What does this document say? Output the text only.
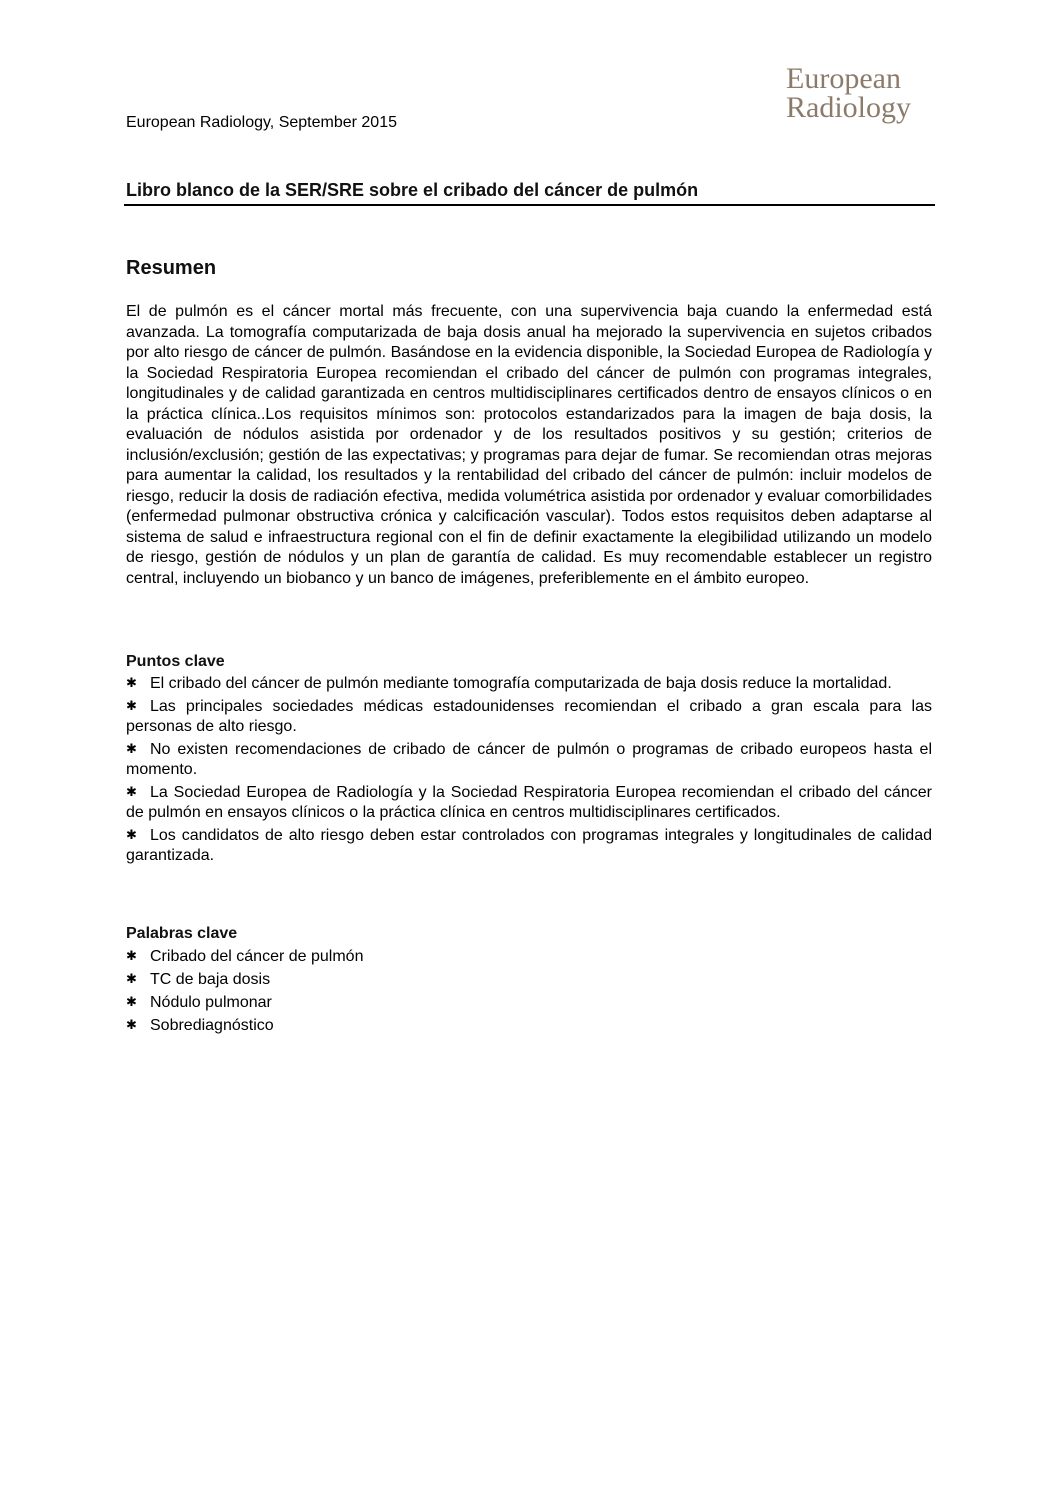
European
Radiology
European Radiology, September 2015
Libro blanco de la SER/SRE sobre el cribado del cáncer de pulmón
Resumen

El de pulmón es el cáncer mortal más frecuente, con una supervivencia baja cuando la enfermedad está avanzada. La tomografía computarizada de baja dosis anual ha mejorado la supervivencia en sujetos cribados por alto riesgo de cáncer de pulmón. Basándose en la evidencia disponible, la Sociedad Europea de Radiología y la Sociedad Respiratoria Europea recomiendan el cribado del cáncer de pulmón con programas integrales, longitudinales y de calidad garantizada en centros multidisciplinares certificados dentro de ensayos clínicos o en la práctica clínica..Los requisitos mínimos son: protocolos estandarizados para la imagen de baja dosis, la evaluación de nódulos asistida por ordenador y de los resultados positivos y su gestión; criterios de inclusión/exclusión; gestión de las expectativas; y programas para dejar de fumar. Se recomiendan otras mejoras para aumentar la calidad, los resultados y la rentabilidad del cribado del cáncer de pulmón: incluir modelos de riesgo, reducir la dosis de radiación efectiva, medida volumétrica asistida por ordenador y evaluar comorbilidades (enfermedad pulmonar obstructiva crónica y calcificación vascular). Todos estos requisitos deben adaptarse al sistema de salud e infraestructura regional con el fin de definir exactamente la elegibilidad utilizando un modelo de riesgo, gestión de nódulos y un plan de garantía de calidad. Es muy recomendable establecer un registro central, incluyendo un biobanco y un banco de imágenes, preferiblemente en el ámbito europeo.

Puntos clave
✱ El cribado del cáncer de pulmón mediante tomografía computarizada de baja dosis reduce la mortalidad.
✱ Las principales sociedades médicas estadounidenses recomiendan el cribado a gran escala para las personas de alto riesgo.
✱ No existen recomendaciones de cribado de cáncer de pulmón o programas de cribado europeos hasta el momento.
✱ La Sociedad Europea de Radiología y la Sociedad Respiratoria Europea recomiendan el cribado del cáncer de pulmón en ensayos clínicos o la práctica clínica en centros multidisciplinares certificados.
✱ Los candidatos de alto riesgo deben estar controlados con programas integrales y longitudinales de calidad garantizada.
Palabras clave
✱ Cribado del cáncer de pulmón
✱ TC de baja dosis
✱ Nódulo pulmonar
✱ Sobrediagnóstico
